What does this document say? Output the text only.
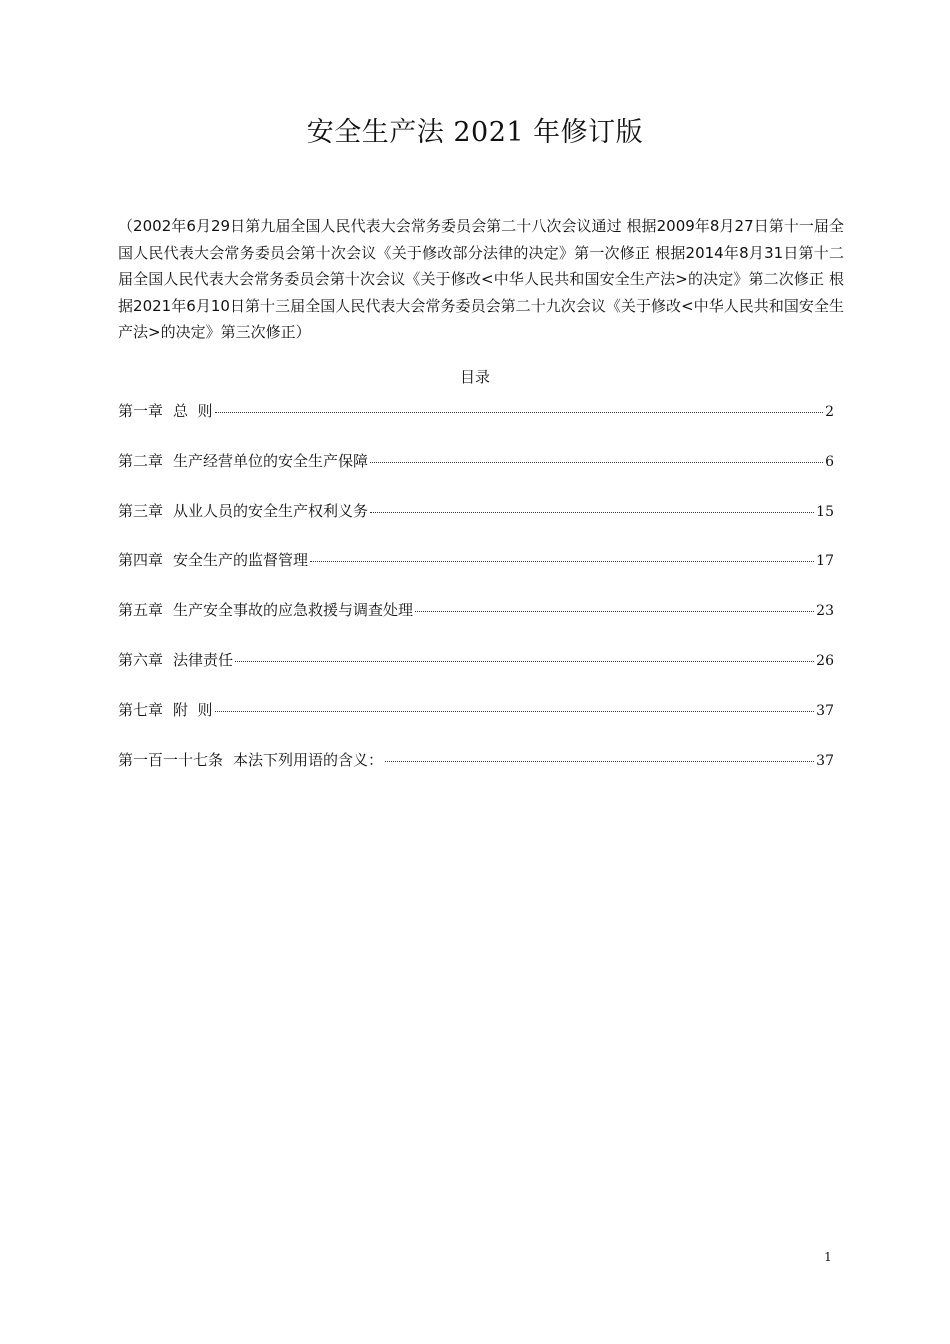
安全生产法 2021 年修订版
（2002年6月29日第九届全国人民代表大会常务委员会第二十八次会议通过 根据2009年8月27日第十一届全国人民代表大会常务委员会第十次会议《关于修改部分法律的决定》第一次修正 根据2014年8月31日第十二届全国人民代表大会常务委员会第十次会议《关于修改<中华人民共和国安全生产法>的决定》第二次修正 根据2021年6月10日第十三届全国人民代表大会常务委员会第二十九次会议《关于修改<中华人民共和国安全生产法>的决定》第三次修正）
目录
第一章 总  则	2
第二章 生产经营单位的安全生产保障	6
第三章 从业人员的安全生产权利义务	15
第四章 安全生产的监督管理	17
第五章 生产安全事故的应急救援与调查处理	23
第六章 法律责任	26
第七章 附  则	37
第一百一十七条 本法下列用语的含义：	37
1
